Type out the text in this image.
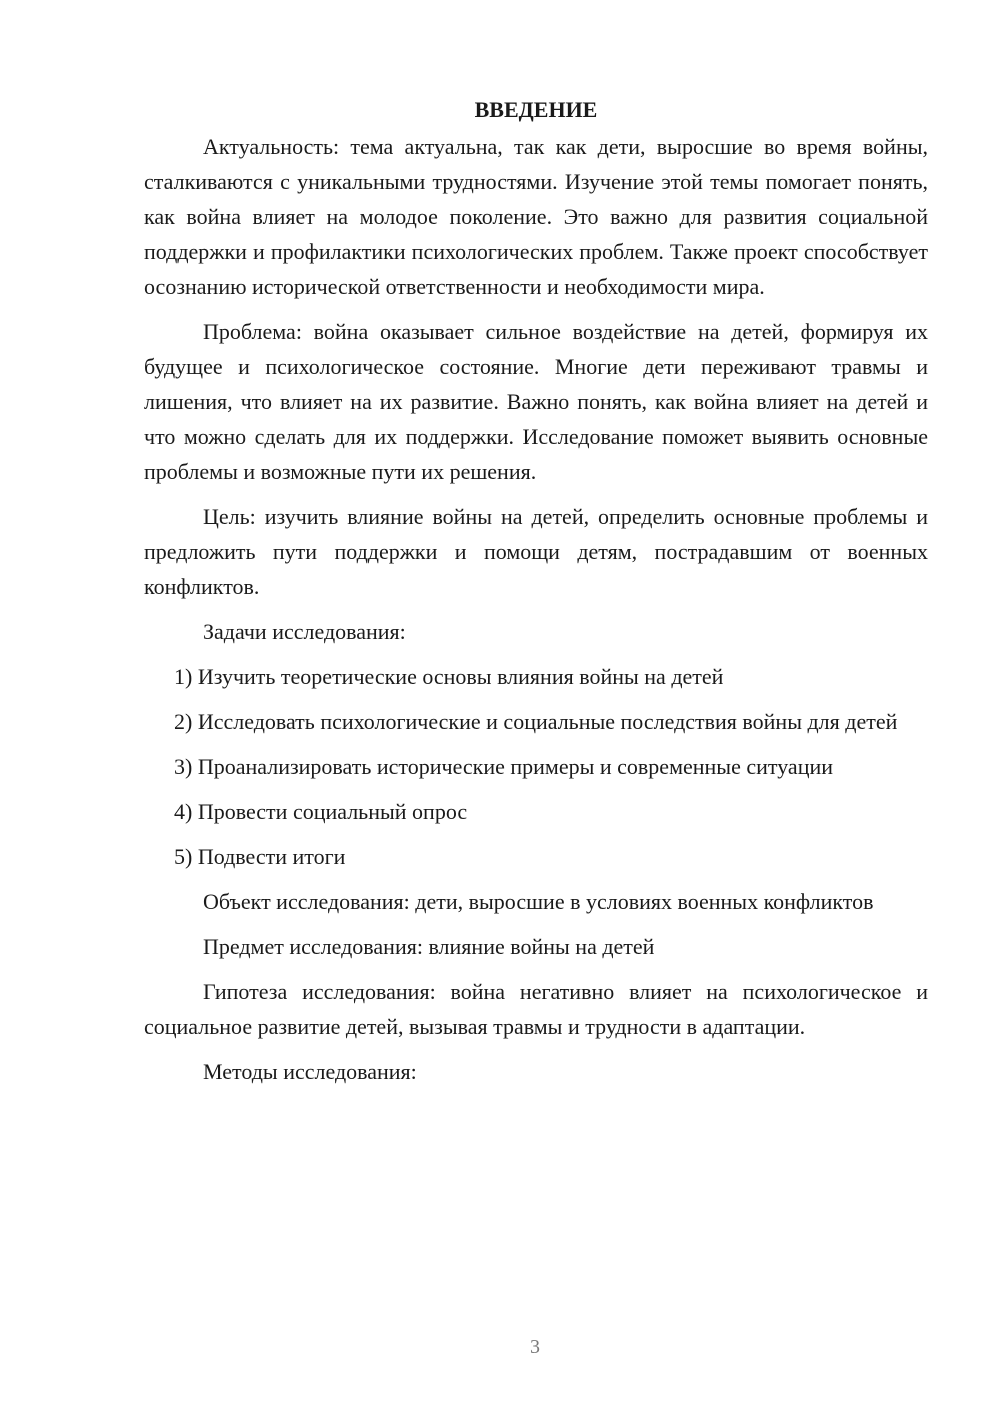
ВВЕДЕНИЕ

Актуальность: тема актуальна, так как дети, выросшие во время войны, сталкиваются с уникальными трудностями. Изучение этой темы помогает понять, как война влияет на молодое поколение. Это важно для развития социальной поддержки и профилактики психологических проблем. Также проект способствует осознанию исторической ответственности и необходимости мира.

Проблема: война оказывает сильное воздействие на детей, формируя их будущее и психологическое состояние. Многие дети переживают травмы и лишения, что влияет на их развитие. Важно понять, как война влияет на детей и что можно сделать для их поддержки. Исследование поможет выявить основные проблемы и возможные пути их решения.

Цель: изучить влияние войны на детей, определить основные проблемы и предложить пути поддержки и помощи детям, пострадавшим от военных конфликтов.

Задачи исследования:

1) Изучить теоретические основы влияния войны на детей

2) Исследовать психологические и социальные последствия войны для детей

3) Проанализировать исторические примеры и современные ситуации

4) Провести социальный опрос

5) Подвести итоги

Объект исследования: дети, выросшие в условиях военных конфликтов

Предмет исследования: влияние войны на детей

Гипотеза исследования: война негативно влияет на психологическое и социальное развитие детей, вызывая травмы и трудности в адаптации.

Методы исследования:

3
